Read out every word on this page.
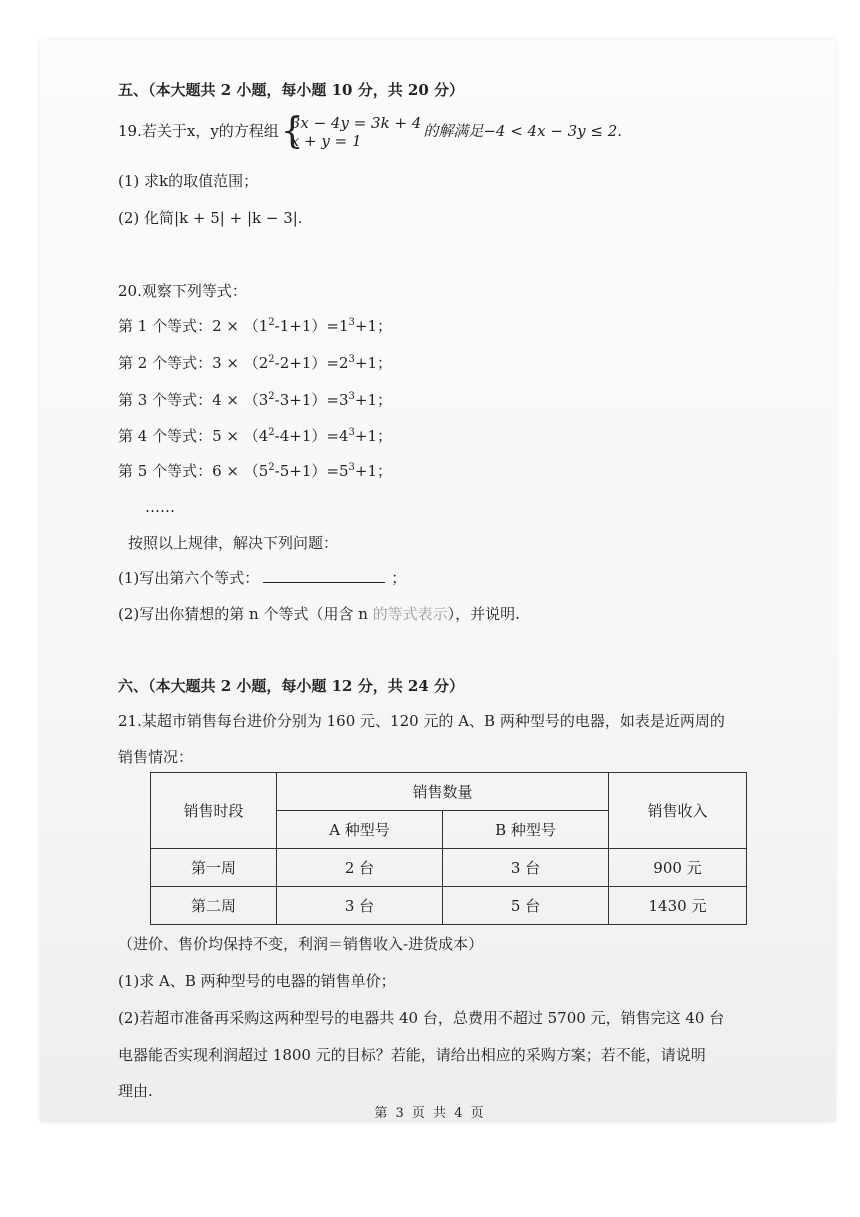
五、（本大题共 2 小题，每小题 10 分，共 20 分）
19.若关于x，y的方程组 {
3x − 4y = 3k + 4
x + y = 1
的解满足−4 < 4x − 3y ≤ 2.
(1) 求k的取值范围；
(2) 化简|k + 5| + |k − 3|.
20.观察下列等式：
第 1 个等式：$2 \times (1^2-1+1)=1^3+1$；
第 2 个等式：$3 \times (2^2-2+1)=2^3+1$；
第 3 个等式：$4 \times (3^2-3+1)=3^3+1$；
第 4 个等式：$5 \times (4^2-4+1)=4^3+1$；
第 5 个等式：$6 \times (5^2-5+1)=5^3+1$；
……
按照以上规律，解决下列问题：
(1)写出第六个等式：	；
(2)写出你猜想的第 n 个等式（用含 n 的等式表示），并说明.
六、（本大题共 2 小题，每小题 12 分，共 24 分）
21.某超市销售每台进价分别为 160 元、120 元的 A、B 两种型号的电器，如表是近两周的
销售情况：
销售时段	销售数量		销售收入
	A 种型号	B 种型号	
第一周	2 台	3 台	900 元
第二周	3 台	5 台	1430 元
（进价、售价均保持不变，利润＝销售收入-进货成本）
(1)求 A、B 两种型号的电器的销售单价；
(2)若超市准备再采购这两种型号的电器共 40 台，总费用不超过 5700 元，销售完这 40 台
电器能否实现利润超过 1800 元的目标？若能，请给出相应的采购方案；若不能，请说明
理由.
第 3 页 共 4 页
